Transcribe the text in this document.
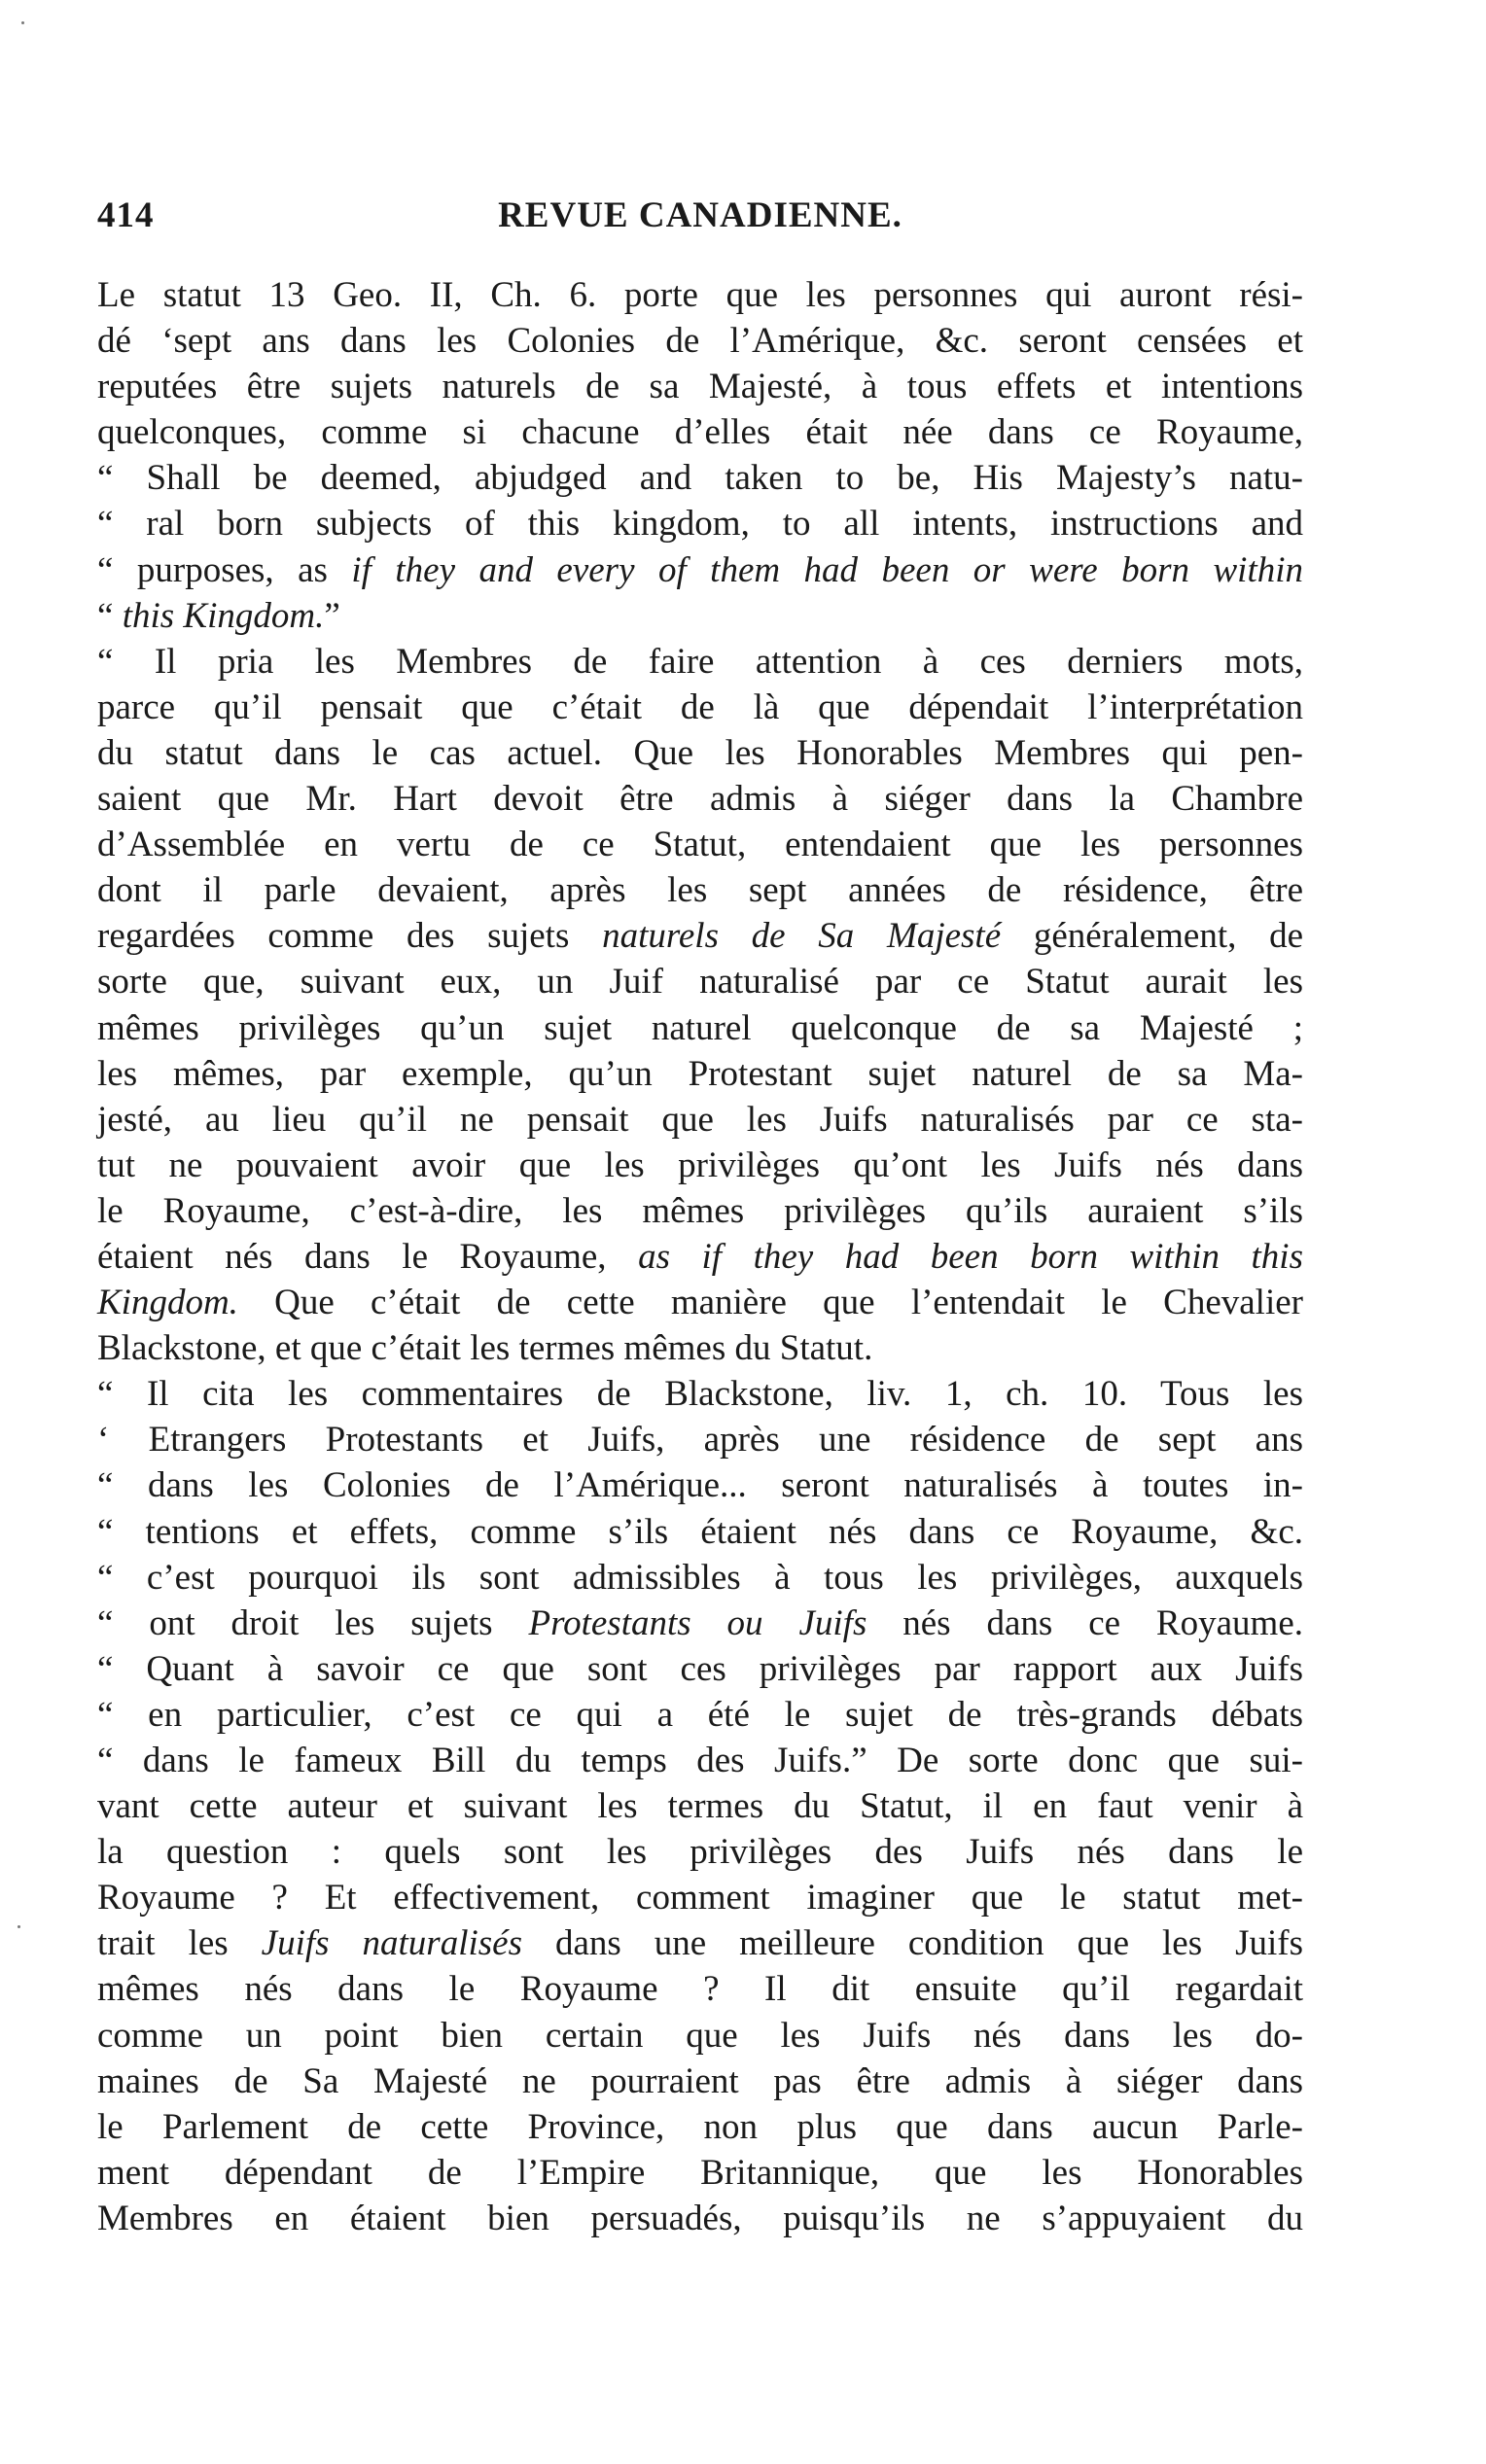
414	REVUE CANADIENNE.
Le statut 13 Geo. II, Ch. 6. porte que les personnes qui auront rési-
dé ‘sept ans dans les Colonies de l’Amérique, &c. seront censées et
reputées être sujets naturels de sa Majesté, à tous effets et intentions
quelconques, comme si chacune d’elles était née dans ce Royaume,
“ Shall be deemed, abjudged and taken to be, His Majesty’s natu-
“ ral born subjects of this kingdom, to all intents, instructions and
“ purposes, as if they and every of them had been or were born within
“ this Kingdom.”
“ Il pria les Membres de faire attention à ces derniers mots,
parce qu’il pensait que c’était de là que dépendait l’interprétation
du statut dans le cas actuel. Que les Honorables Membres qui pen-
saient que Mr. Hart devoit être admis à siéger dans la Chambre
d’Assemblée en vertu de ce Statut, entendaient que les personnes
dont il parle devaient, après les sept années de résidence, être
regardées comme des sujets naturels de Sa Majesté généralement, de
sorte que, suivant eux, un Juif naturalisé par ce Statut aurait les
mêmes privilèges qu’un sujet naturel quelconque de sa Majesté ;
les mêmes, par exemple, qu’un Protestant sujet naturel de sa Ma-
jesté, au lieu qu’il ne pensait que les Juifs naturalisés par ce sta-
tut ne pouvaient avoir que les privilèges qu’ont les Juifs nés dans
le Royaume, c’est-à-dire, les mêmes privilèges qu’ils auraient s’ils
étaient nés dans le Royaume, as if they had been born within this
Kingdom. Que c’était de cette manière que l’entendait le Chevalier
Blackstone, et que c’était les termes mêmes du Statut.
“ Il cita les commentaires de Blackstone, liv. 1, ch. 10. Tous les
‘ Etrangers Protestants et Juifs, après une résidence de sept ans
“ dans les Colonies de l’Amérique... seront naturalisés à toutes in-
“ tentions et effets, comme s’ils étaient nés dans ce Royaume, &c.
“ c’est pourquoi ils sont admissibles à tous les privilèges, auxquels
“ ont droit les sujets Protestants ou Juifs nés dans ce Royaume.
“ Quant à savoir ce que sont ces privilèges par rapport aux Juifs
“ en particulier, c’est ce qui a été le sujet de très-grands débats
“ dans le fameux Bill du temps des Juifs.” De sorte donc que sui-
vant cette auteur et suivant les termes du Statut, il en faut venir à
la question : quels sont les privilèges des Juifs nés dans le
Royaume ? Et effectivement, comment imaginer que le statut met-
trait les Juifs naturalisés dans une meilleure condition que les Juifs
mêmes nés dans le Royaume ? Il dit ensuite qu’il regardait
comme un point bien certain que les Juifs nés dans les do-
maines de Sa Majesté ne pourraient pas être admis à siéger dans
le Parlement de cette Province, non plus que dans aucun Parle-
ment dépendant de l’Empire Britannique, que les Honorables
Membres en étaient bien persuadés, puisqu’ils ne s’appuyaient du
